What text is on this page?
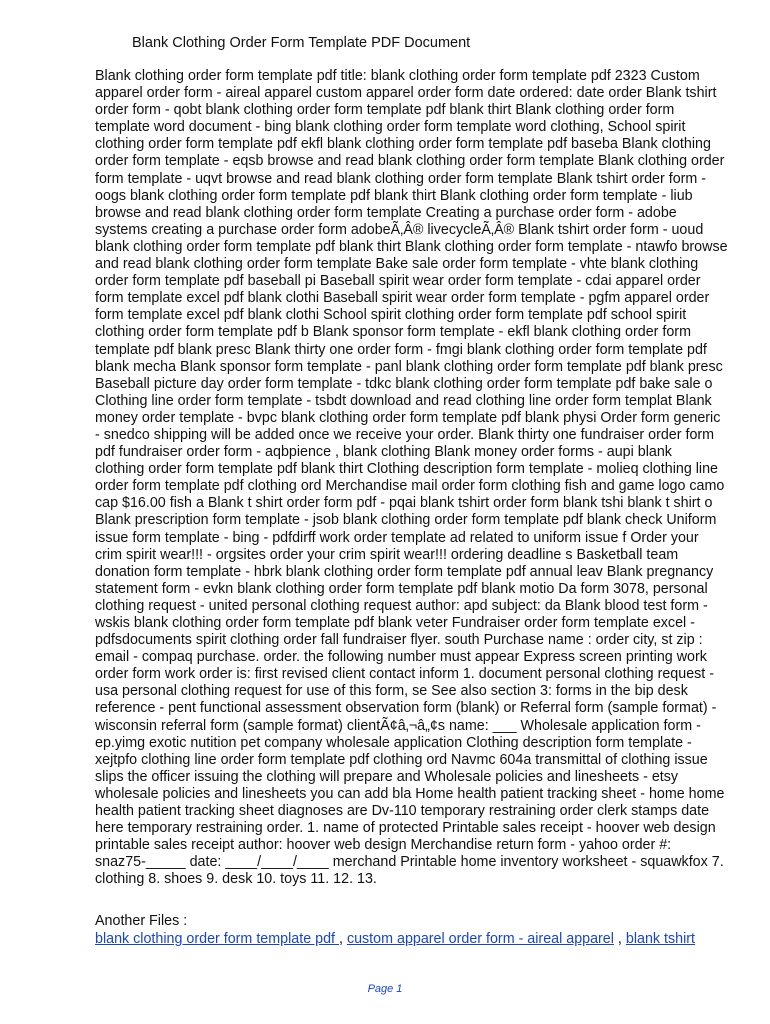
Blank Clothing Order Form Template PDF Document
Blank clothing order form template pdf title: blank clothing order form template pdf 2323 Custom
apparel order form - aireal apparel custom apparel order form date ordered: date order Blank tshirt
order form - qobt blank clothing order form template pdf blank thirt Blank clothing order form
template word document - bing blank clothing order form template word clothing, School spirit
clothing order form template pdf ekfl blank clothing order form template pdf baseba Blank clothing
order form template - eqsb browse and read blank clothing order form template Blank clothing order
form template - uqvt browse and read blank clothing order form template Blank tshirt order form -
oogs blank clothing order form template pdf blank thirt Blank clothing order form template - liub
browse and read blank clothing order form template Creating a purchase order form - adobe
systems creating a purchase order form adobeÃ‚Â® livecycleÃ‚Â® Blank tshirt order form - uoud
blank clothing order form template pdf blank thirt Blank clothing order form template - ntawfo browse
and read blank clothing order form template Bake sale order form template - vhte blank clothing
order form template pdf baseball pi Baseball spirit wear order form template - cdai apparel order
form template excel pdf blank clothi Baseball spirit wear order form template - pgfm apparel order
form template excel pdf blank clothi School spirit clothing order form template pdf school spirit
clothing order form template pdf b Blank sponsor form template - ekfl blank clothing order form
template pdf blank presc Blank thirty one order form - fmgi blank clothing order form template pdf
blank mecha Blank sponsor form template - panl blank clothing order form template pdf blank presc
Baseball picture day order form template - tdkc blank clothing order form template pdf bake sale o
Clothing line order form template - tsbdt download and read clothing line order form templat Blank
money order template - bvpc blank clothing order form template pdf blank physi Order form generic
- snedco shipping will be added once we receive your order. Blank thirty one fundraiser order form
pdf fundraiser order form - aqbpience , blank clothing Blank money order forms - aupi blank
clothing order form template pdf blank thirt Clothing description form template - molieq clothing line
order form template pdf clothing ord Merchandise mail order form clothing fish and game logo camo
cap $16.00 fish a Blank t shirt order form pdf - pqai blank tshirt order form blank tshi blank t shirt o
Blank prescription form template - jsob blank clothing order form template pdf blank check Uniform
issue form template - bing - pdfdirff work order template ad related to uniform issue f Order your
crim spirit wear!!! - orgsites order your crim spirit wear!!! ordering deadline s Basketball team
donation form template - hbrk blank clothing order form template pdf annual leav Blank pregnancy
statement form - evkn blank clothing order form template pdf blank motio Da form 3078, personal
clothing request - united personal clothing request author: apd subject: da Blank blood test form -
wskis blank clothing order form template pdf blank veter Fundraiser order form template excel -
pdfsdocuments spirit clothing order fall fundraiser flyer. south Purchase name : order city, st zip :
email - compaq purchase. order. the following number must appear Express screen printing work
order form work order is: first revised client contact inform 1. document personal clothing request -
usa personal clothing request for use of this form, se See also section 3: forms in the bip desk
reference - pent functional assessment observation form (blank) or Referral form (sample format) -
wisconsin referral form (sample format) clientÃ¢â‚¬â„¢s name: ___ Wholesale application form -
ep.yimg exotic nutition pet company wholesale application Clothing description form template -
xejtpfo clothing line order form template pdf clothing ord Navmc 604a transmittal of clothing issue
slips the officer issuing the clothing will prepare and Wholesale policies and linesheets - etsy
wholesale policies and linesheets you can add bla Home health patient tracking sheet - home home
health patient tracking sheet diagnoses are Dv-110 temporary restraining order clerk stamps date
here temporary restraining order. 1. name of protected Printable sales receipt - hoover web design
printable sales receipt author: hoover web design Merchandise return form - yahoo order #:
snaz75-_____ date: ____/____/____ merchand Printable home inventory worksheet - squawkfox 7.
clothing 8. shoes 9. desk 10. toys 11. 12. 13.

Another Files :

blank clothing order form template pdf , custom apparel order form - aireal apparel , blank tshirt

Page 1
